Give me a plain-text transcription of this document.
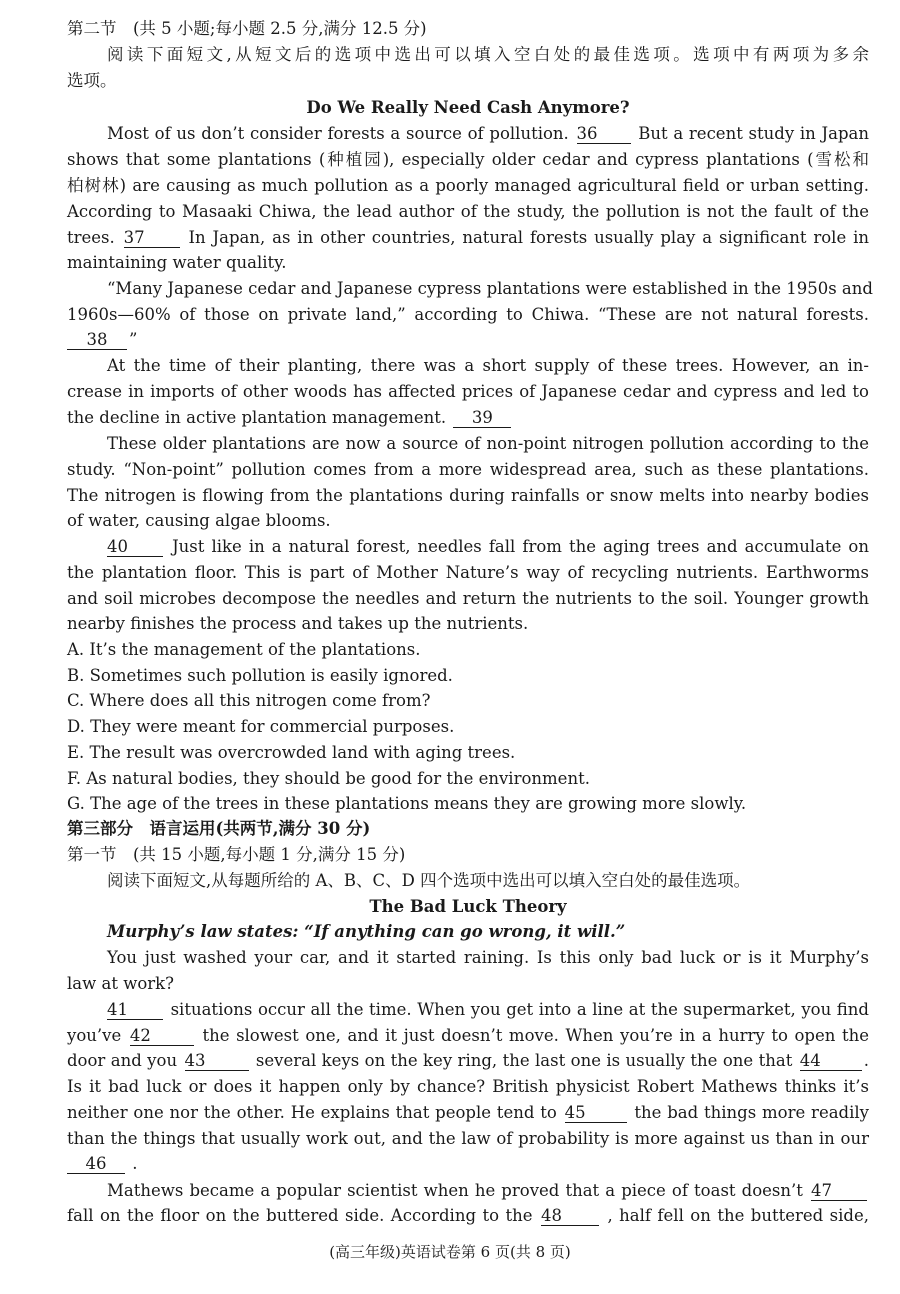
第二节　(共 5 小题;每小题 2.5 分,满分 12.5 分)
阅读下面短文,从短文后的选项中选出可以填入空白处的最佳选项。选项中有两项为多余
选项。
Do We Really Need Cash Anymore?
Most of us don’t consider forests a source of pollution. 36 But a recent study in Japan
shows that some plantations (种植园), especially older cedar and cypress plantations (雪松和
柏树林) are causing as much pollution as a poorly managed agricultural field or urban setting.
According to Masaaki Chiwa, the lead author of the study, the pollution is not the fault of the
trees. 37	In Japan, as in other countries, natural forests usually play a significant role in
maintaining water quality.
“Many Japanese cedar and Japanese cypress plantations were established in the 1950s and
1960s—60% of those on private land,” according to Chiwa. “These are not natural forests.
38 ”
At the time of their planting, there was a short supply of these trees. However, an in-
crease in imports of other woods has affected prices of Japanese cedar and cypress and led to
the decline in active plantation management. 39
These older plantations are now a source of non-point nitrogen pollution according to the
study. “Non-point” pollution comes from a more widespread area, such as these plantations.
The nitrogen is flowing from the plantations during rainfalls or snow melts into nearby bodies
of water, causing algae blooms.
40	Just like in a natural forest, needles fall from the aging trees and accumulate on
the plantation floor. This is part of Mother Nature’s way of recycling nutrients. Earthworms
and soil microbes decompose the needles and return the nutrients to the soil. Younger growth
nearby finishes the process and takes up the nutrients.
A. It’s the management of the plantations.
B. Sometimes such pollution is easily ignored.
C. Where does all this nitrogen come from?
D. They were meant for commercial purposes.
E. The result was overcrowded land with aging trees.
F. As natural bodies, they should be good for the environment.
G. The age of the trees in these plantations means they are growing more slowly.
第三部分　语言运用(共两节,满分 30 分)
第一节　(共 15 小题,每小题 1 分,满分 15 分)
阅读下面短文,从每题所给的 A、B、C、D 四个选项中选出可以填入空白处的最佳选项。
The Bad Luck Theory
Murphy’s law states: “If anything can go wrong, it will.”
You just washed your car, and it started raining. Is this only bad luck or is it Murphy’s
law at work?
41	situations occur all the time. When you get into a line at the supermarket, you find
you’ve 42	the slowest one, and it just doesn’t move. When you’re in a hurry to open the
door and you 43	several keys on the key ring, the last one is usually the one that 44	.
Is it bad luck or does it happen only by chance? British physicist Robert Mathews thinks it’s
neither one nor the other. He explains that people tend to 45	the bad things more readily
than the things that usually work out, and the law of probability is more against us than in our
46 .
Mathews became a popular scientist when he proved that a piece of toast doesn’t 47
fall on the floor on the buttered side. According to the 48	, half fell on the buttered side,
(高三年级)英语试卷第 6 页(共 8 页)
